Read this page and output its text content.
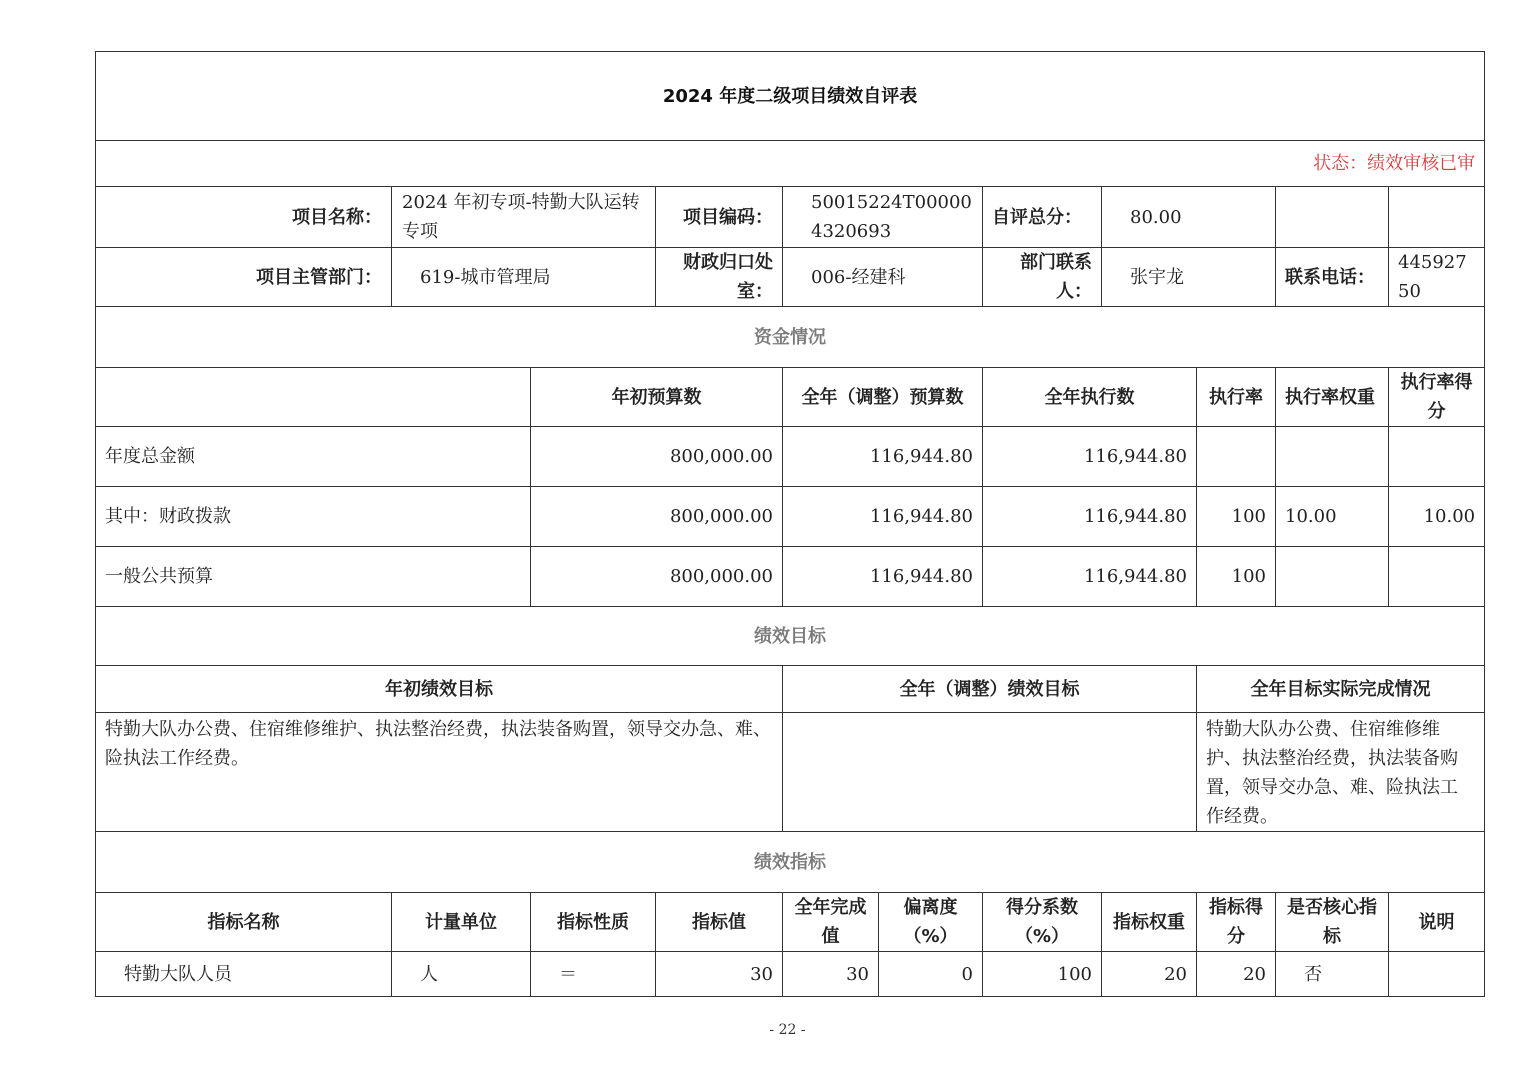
2024 年度二级项目绩效自评表										
状态：绩效审核已审										
项目名称：	2024 年初专项-特勤大队运转专项		项目编码：	50015224T000004320693		自评总分：	80.00			
项目主管部门：	619-城市管理局		财政归口处室：	006-经建科		部门联系人：	张宇龙		联系电话：	44592750
资金情况										
		年初预算数		全年（调整）预算数		全年执行数		执行率	执行率权重	执行率得分
年度总金额		800,000.00		116,944.80		116,944.80				
其中：财政拨款		800,000.00		116,944.80		116,944.80		100	10.00	10.00
一般公共预算		800,000.00		116,944.80		116,944.80		100		
绩效目标										
年初绩效目标				全年（调整）绩效目标				全年目标实际完成情况		
特勤大队办公费、住宿维修维护、执法整治经费，执法装备购置，领导交办急、难、险执法工作经费。								特勤大队办公费、住宿维修维护、执法整治经费，执法装备购置，领导交办急、难、险执法工作经费。		
绩效指标										
指标名称	计量单位	指标性质	指标值	全年完成值	偏离度（%）	得分系数（%）	指标权重	指标得分	是否核心指标	说明
特勤大队人员	人	＝	30	30	0	100	20	20	否	
- 22 -
